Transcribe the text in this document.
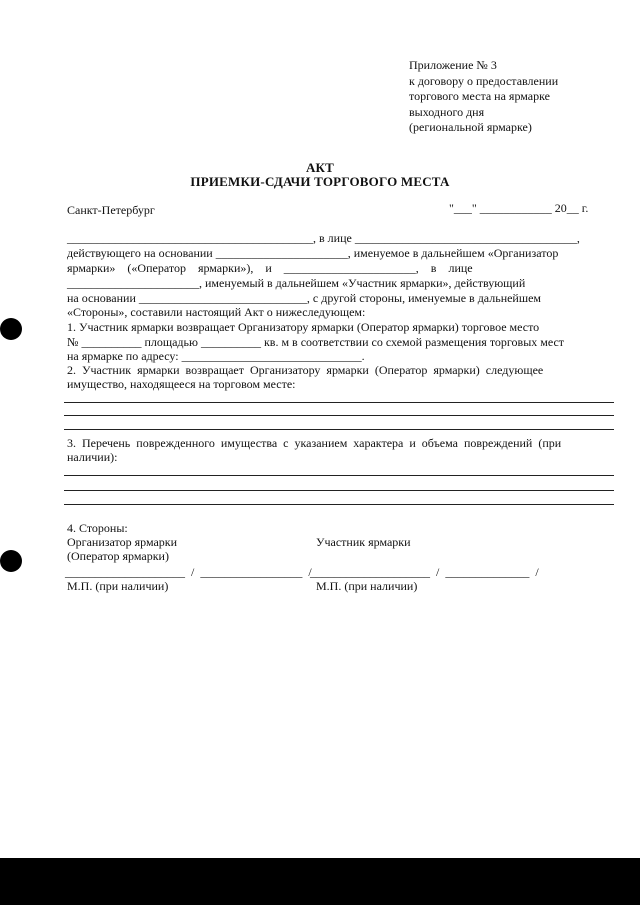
Приложение № 3
к договору о предоставлении
торгового места на ярмарке
выходного дня
(региональной ярмарке)
АКТ
ПРИЕМКИ-СДАЧИ ТОРГОВОГО МЕСТА
Санкт-Петербург	"___" ____________ 20__ г.
_________________________________________, в лице _____________________________________,
действующего на основании ______________________, именуемое в дальнейшем «Организатор
ярмарки»    («Оператор    ярмарки»),    и    ______________________,    в    лице
______________________, именуемый в дальнейшем «Участник ярмарки», действующий
на основании ____________________________, с другой стороны, именуемые в дальнейшем
«Стороны», составили настоящий Акт о нижеследующем:
1. Участник ярмарки возвращает Организатору ярмарки (Оператор ярмарки) торговое место
№ __________ площадью __________ кв. м в соответствии со схемой размещения торговых мест
на ярмарке по адресу: ______________________________.
2.  Участник  ярмарки  возвращает  Организатору  ярмарки  (Оператор  ярмарки)  следующее
имущество, находящееся на торговом месте:
3.  Перечень  поврежденного  имущества  с  указанием  характера  и  объема  повреждений  (при
наличии):
4. Стороны:
Организатор ярмарки
(Оператор ярмарки)
Участник ярмарки
____________________  /  _________________  /
____________________  /  ______________  /
М.П. (при наличии)	М.П. (при наличии)
